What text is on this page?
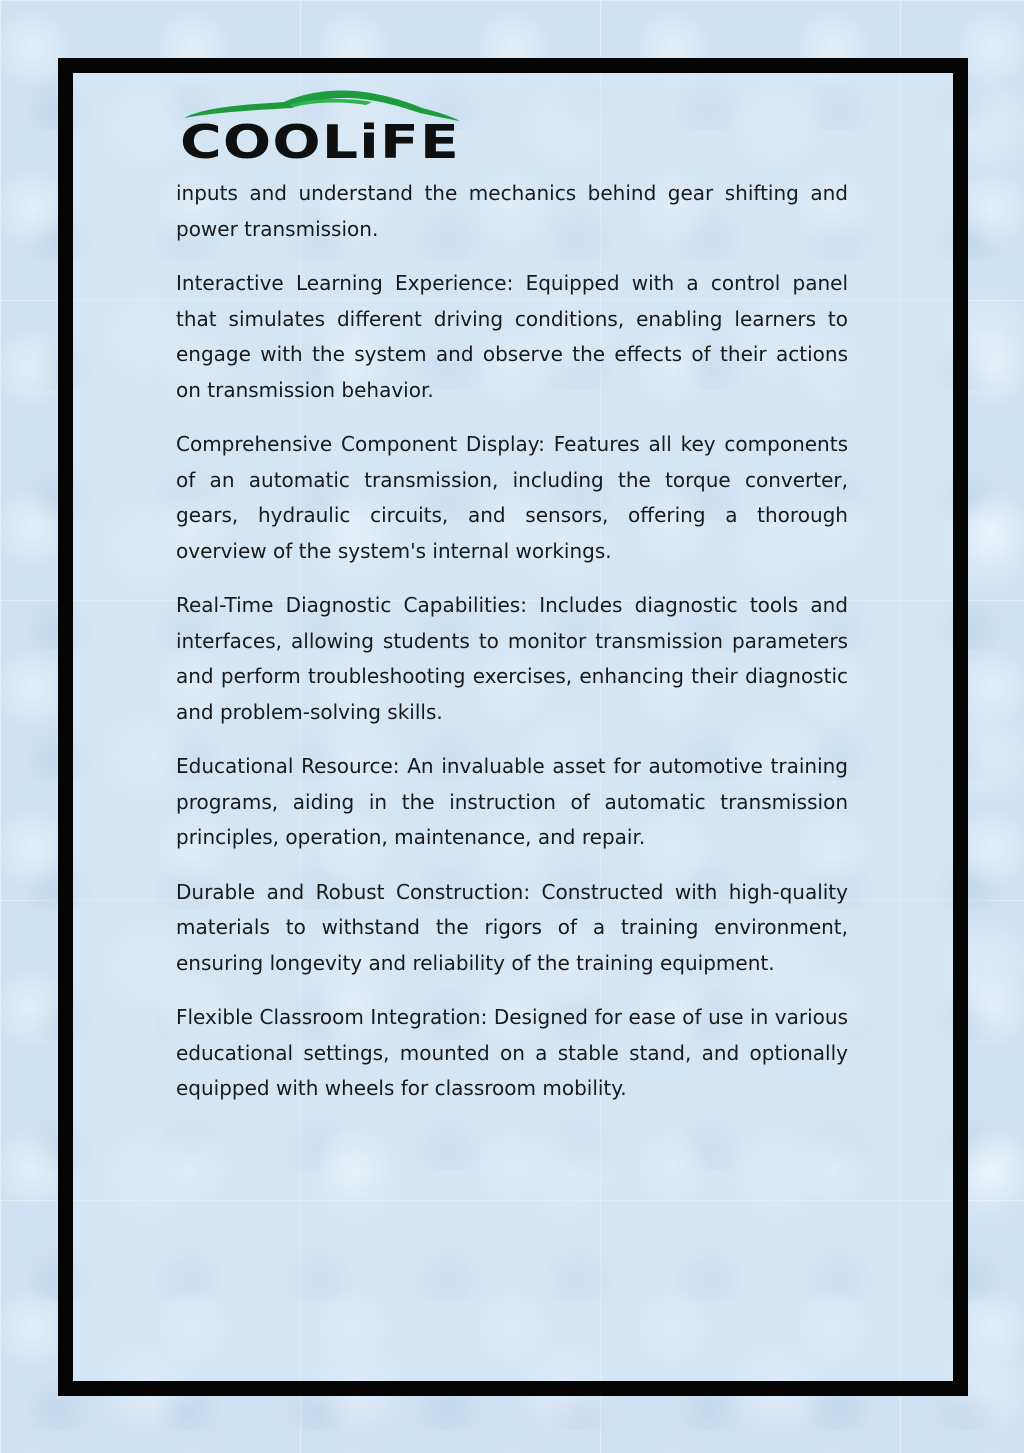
COOLiFE

inputs and understand the mechanics behind gear shifting and power transmission.

Interactive Learning Experience: Equipped with a control panel that simulates different driving conditions, enabling learners to engage with the system and observe the effects of their actions on transmission behavior.

Comprehensive Component Display: Features all key components of an automatic transmission, including the torque converter, gears, hydraulic circuits, and sensors, offering a thorough overview of the system's internal workings.

Real-Time Diagnostic Capabilities: Includes diagnostic tools and interfaces, allowing students to monitor transmission parameters and perform troubleshooting exercises, enhancing their diagnostic and problem-solving skills.

Educational Resource: An invaluable asset for automotive training programs, aiding in the instruction of automatic transmission principles, operation, maintenance, and repair.

Durable and Robust Construction: Constructed with high-quality materials to withstand the rigors of a training environment, ensuring longevity and reliability of the training equipment.

Flexible Classroom Integration: Designed for ease of use in various educational settings, mounted on a stable stand, and optionally equipped with wheels for classroom mobility.
